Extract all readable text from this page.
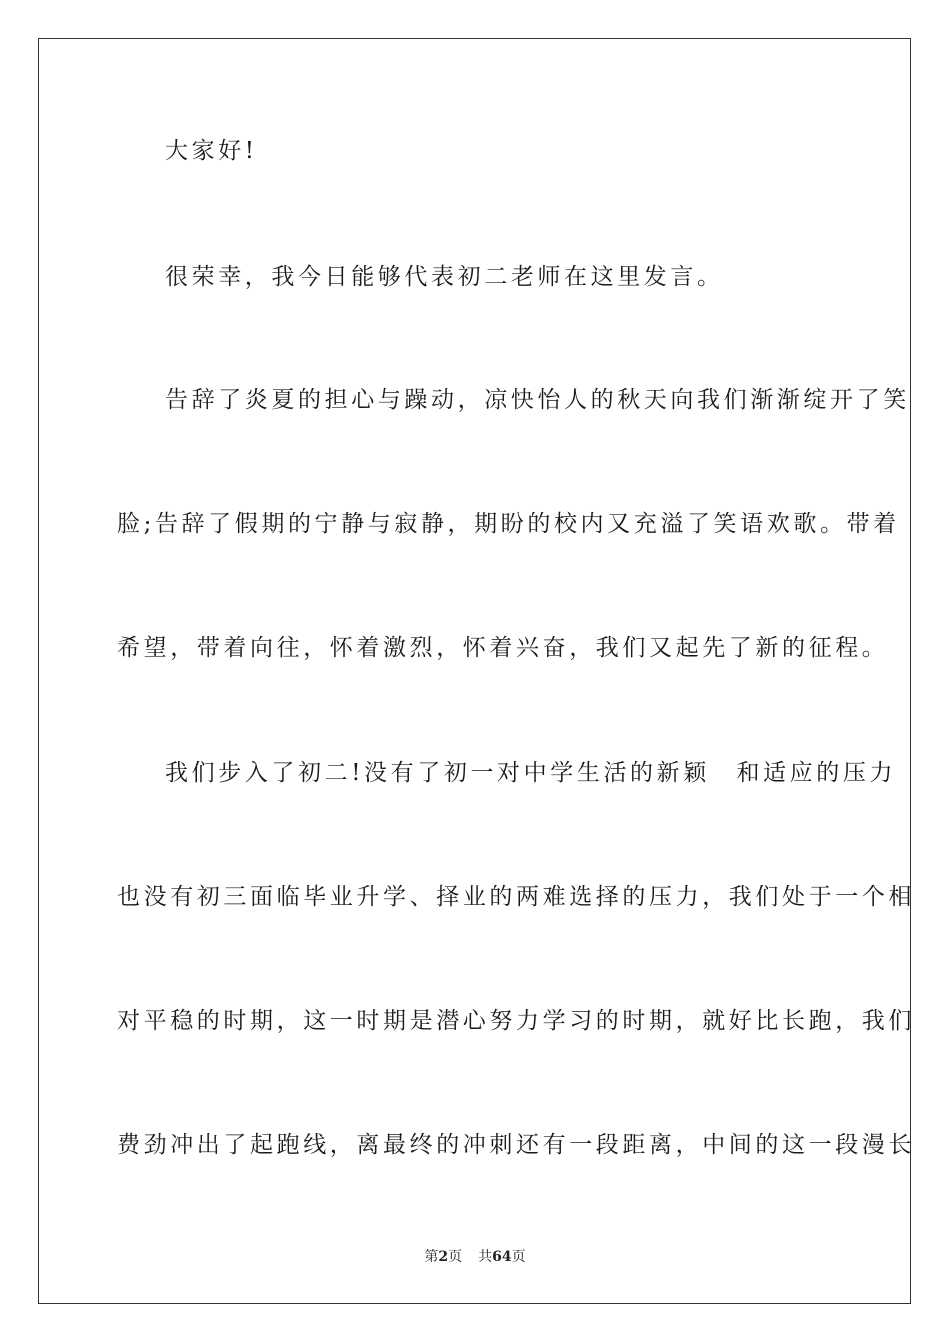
大家好!
很荣幸，我今日能够代表初二老师在这里发言。
告辞了炎夏的担心与躁动，凉快怡人的秋天向我们渐渐绽开了笑
脸;告辞了假期的宁静与寂静，期盼的校内又充溢了笑语欢歌。带着
希望，带着向往，怀着激烈，怀着兴奋，我们又起先了新的征程。
我们步入了初二!没有了初一对中学生活的新颖　和适应的压力
也没有初三面临毕业升学、择业的两难选择的压力，我们处于一个相
对平稳的时期，这一时期是潜心努力学习的时期，就好比长跑，我们
费劲冲出了起跑线，离最终的冲刺还有一段距离，中间的这一段漫长
第2页 共64页
